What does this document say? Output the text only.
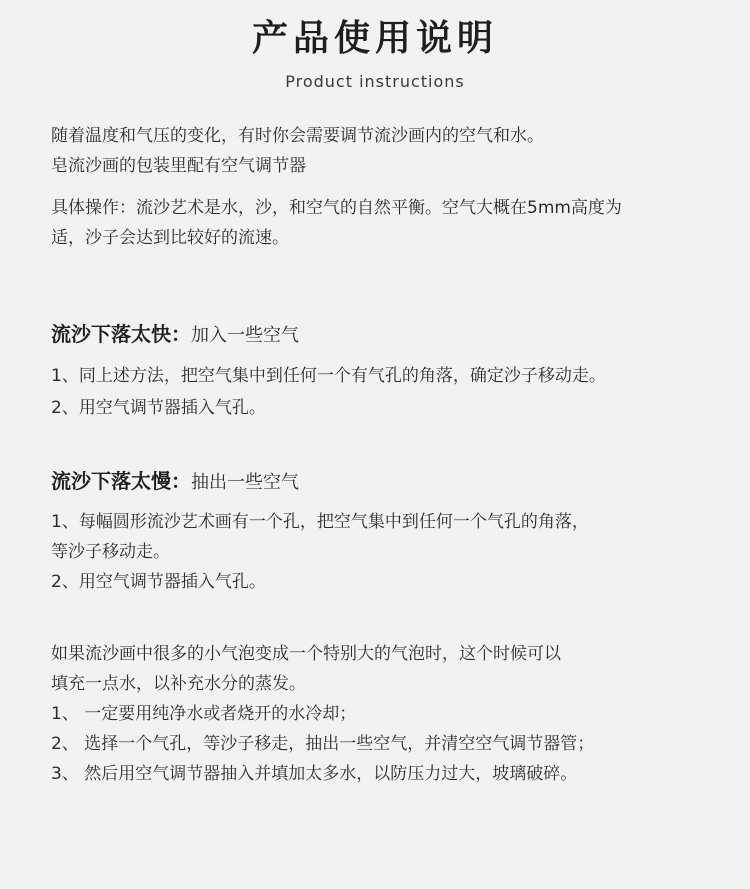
产品使用说明
Product instructions
随着温度和气压的变化，有时你会需要调节流沙画内的空气和水。
皂流沙画的包装里配有空气调节器
具体操作：流沙艺术是水，沙，和空气的自然平衡。空气大概在5mm高度为
适，沙子会达到比较好的流速。
流沙下落太快：加入一些空气
1、同上述方法，把空气集中到任何一个有气孔的角落，确定沙子移动走。
2、用空气调节器插入气孔。
流沙下落太慢：抽出一些空气
1、每幅圆形流沙艺术画有一个孔，把空气集中到任何一个气孔的角落，
等沙子移动走。
2、用空气调节器插入气孔。
如果流沙画中很多的小气泡变成一个特别大的气泡时，这个时候可以
填充一点水，以补充水分的蒸发。
1、 一定要用纯净水或者烧开的水冷却；
2、 选择一个气孔，等沙子移走，抽出一些空气，并清空空气调节器管；
3、 然后用空气调节器抽入并填加太多水，以防压力过大，坡璃破碎。
